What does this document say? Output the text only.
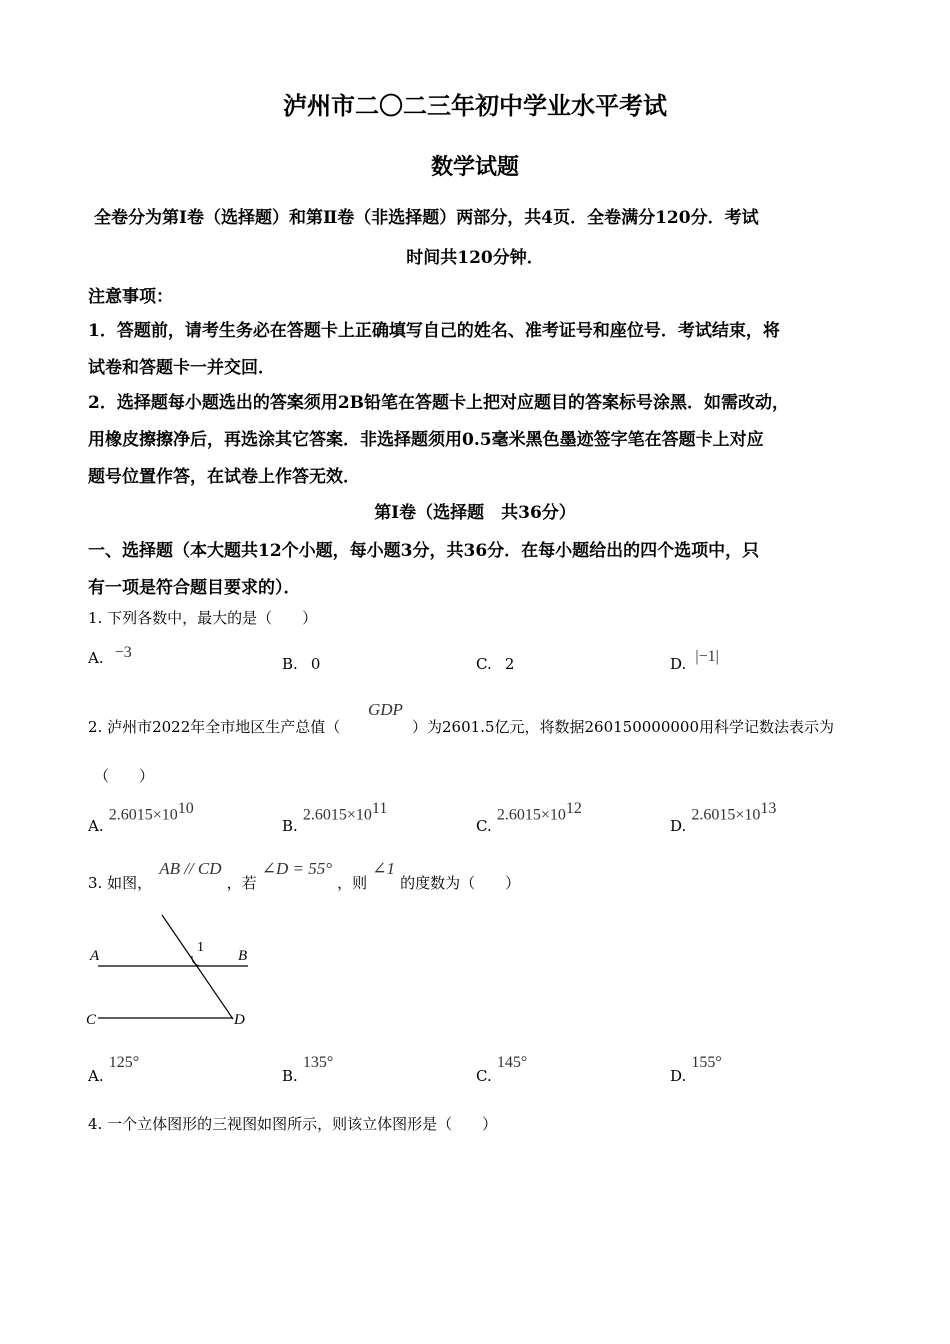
泸州市二〇二三年初中学业水平考试
数学试题
全卷分为第Ⅰ卷（选择题）和第Ⅱ卷（非选择题）两部分，共4页．全卷满分120分．考试
时间共120分钟．
注意事项：
1．答题前，请考生务必在答题卡上正确填写自己的姓名、准考证号和座位号．考试结束，将
试卷和答题卡一并交回．
2．选择题每小题选出的答案须用2B铅笔在答题卡上把对应题目的答案标号涂黑．如需改动，
用橡皮擦擦净后，再选涂其它答案．非选择题须用0.5毫米黑色墨迹签字笔在答题卡上对应
题号位置作答，在试卷上作答无效．
第Ⅰ卷（选择题　共36分）
一、选择题（本大题共12个小题，每小题3分，共36分．在每小题给出的四个选项中，只
有一项是符合题目要求的）．
1. 下列各数中，最大的是（　　）
A. −3
B. 0	C. 2	D. |−1|
GDP
2. 泸州市2022年全市地区生产总值（	）为2601.5亿元，将数据260150000000用科学记数法表示为
（　　）
A. $2.6015\times 10^{10}$
B. $2.6015\times 10^{11}$
C. $2.6015\times 10^{12}$
D. $2.6015\times 10^{13}$
3. 如图， AB // CD ，若 ∠D = 55° ，则 ∠1 的度数为（　　）
A	B
C	D
1
A. 125°
B. 135°
C. 145°
D. 155°
4. 一个立体图形的三视图如图所示，则该立体图形是（　　）
